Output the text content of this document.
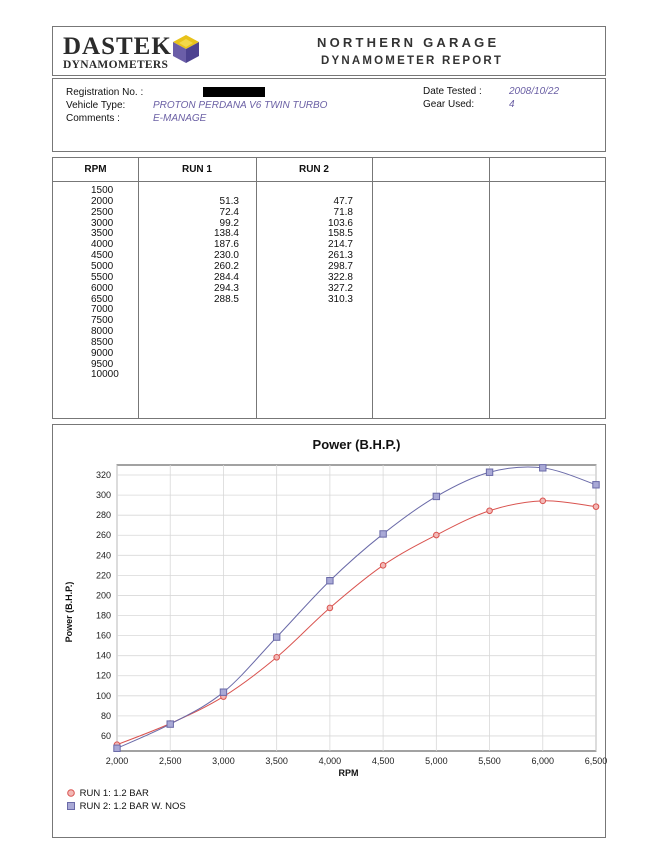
DASTEK
DYNAMOMETERS
NORTHERN GARAGE
DYNAMOMETER REPORT
Registration No. :
Vehicle Type:	PROTON PERDANA V6 TWIN TURBO
Comments :	E-MANAGE
Date Tested :	2008/10/22
Gear Used:	4
RPM	RUN 1	RUN 2
1500
2000	51.3	47.7
2500	72.4	71.8
3000	99.2	103.6
3500	138.4	158.5
4000	187.6	214.7
4500	230.0	261.3
5000	260.2	298.7
5500	284.4	322.8
6000	294.3	327.2
6500	288.5	310.3
7000
7500
8000
8500
9000
9500
10000
Power (B.H.P.)
60
80
100
120
140
160
180
200
220
240
260
280
300
320
2,000	2,500	3,000	3,500	4,000	4,500	5,000	5,500	6,000	6,500
RPM
Power (B.H.P.)
RUN 1: 1.2 BAR
RUN 2: 1.2 BAR W. NOS
